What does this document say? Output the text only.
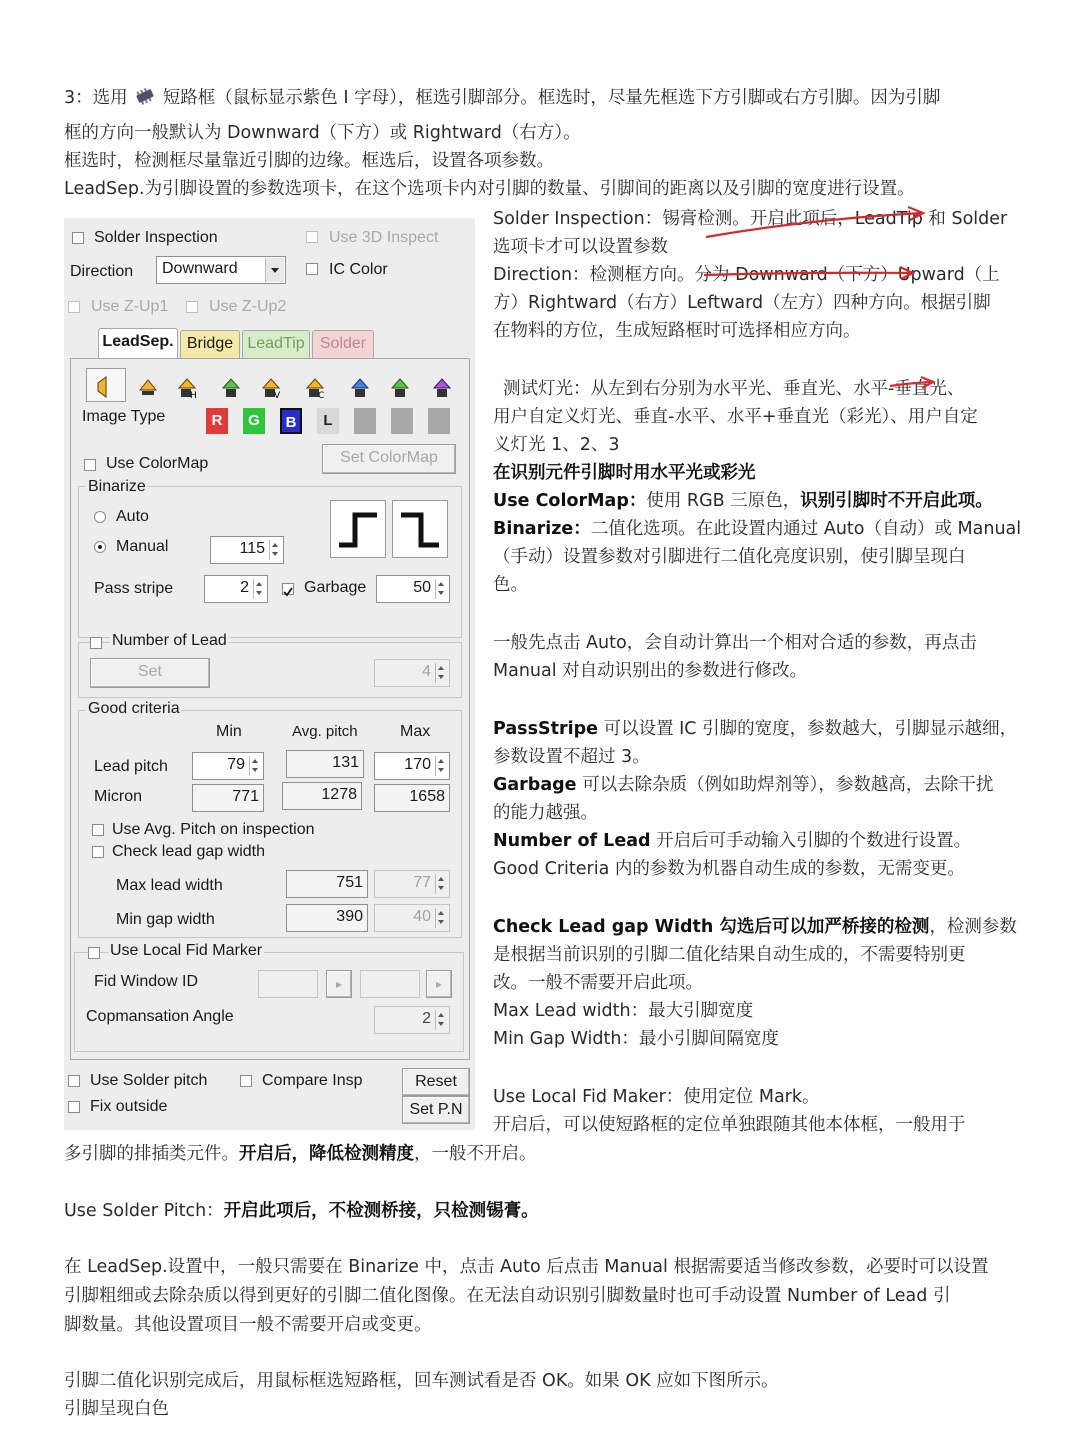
3：选用 短路框（鼠标显示紫色 I 字母），框选引脚部分。框选时，尽量先框选下方引脚或右方引脚。因为引脚
框的方向一般默认为 Downward（下方）或 Rightward（右方）。
框选时，检测框尽量靠近引脚的边缘。框选后，设置各项参数。
LeadSep.为引脚设置的参数选项卡，在这个选项卡内对引脚的数量、引脚间的距离以及引脚的宽度进行设置。
Solder Inspection	Use 3D Inspect
Direction	Downward	IC Color
Use Z-Up1	Use Z-Up2
LeadSep. Bridge LeadTip Solder
H	V	C
Image Type	R	G	B	L
Use ColorMap	Set ColorMap
Binarize
Auto
Manual	115
Pass stripe	2	Garbage	50
Number of Lead
Set	4
Good criteria
Min	Avg. pitch	Max
Lead pitch	79	131	170
Micron	771	1278	1658
Use Avg. Pitch on inspection
Check lead gap width
Max lead width	751	77
Min gap width	390	40
Use Local Fid Marker
Fid Window ID	▸	▸
Copmansation Angle	2
Use Solder pitch	Compare Insp	Reset
Fix outside	Set P.N
Solder Inspection：锡膏检测。开启此项后，LeadTip 和 Solder
选项卡才可以设置参数
Direction：检测框方向。分为 Downward（下方）Upward（上
方）Rightward（右方）Leftward（左方）四种方向。根据引脚
在物料的方位，生成短路框时可选择相应方向。
测试灯光：从左到右分别为水平光、垂直光、水平-垂直光、
用户自定义灯光、垂直-水平、水平+垂直光（彩光）、用户自定
义灯光 1、2、3
在识别元件引脚时用水平光或彩光
Use ColorMap：使用 RGB 三原色，识别引脚时不开启此项。
Binarize：二值化选项。在此设置内通过 Auto（自动）或 Manual
（手动）设置参数对引脚进行二值化亮度识别，使引脚呈现白
色。
一般先点击 Auto，会自动计算出一个相对合适的参数，再点击
Manual 对自动识别出的参数进行修改。
PassStripe 可以设置 IC 引脚的宽度，参数越大，引脚显示越细，
参数设置不超过 3。
Garbage 可以去除杂质（例如助焊剂等），参数越高，去除干扰
的能力越强。
Number of Lead 开启后可手动输入引脚的个数进行设置。
Good Criteria 内的参数为机器自动生成的参数，无需变更。
Check Lead gap Width 勾选后可以加严桥接的检测，检测参数
是根据当前识别的引脚二值化结果自动生成的，不需要特别更
改。一般不需要开启此项。
Max Lead width：最大引脚宽度
Min Gap Width：最小引脚间隔宽度
Use Local Fid Maker：使用定位 Mark。
开启后，可以使短路框的定位单独跟随其他本体框，一般用于
多引脚的排插类元件。开启后，降低检测精度，一般不开启。
Use Solder Pitch：开启此项后，不检测桥接，只检测锡膏。
在 LeadSep.设置中，一般只需要在 Binarize 中，点击 Auto 后点击 Manual 根据需要适当修改参数，必要时可以设置
引脚粗细或去除杂质以得到更好的引脚二值化图像。在无法自动识别引脚数量时也可手动设置 Number of Lead 引
脚数量。其他设置项目一般不需要开启或变更。
引脚二值化识别完成后，用鼠标框选短路框，回车测试看是否 OK。如果 OK 应如下图所示。
引脚呈现白色
